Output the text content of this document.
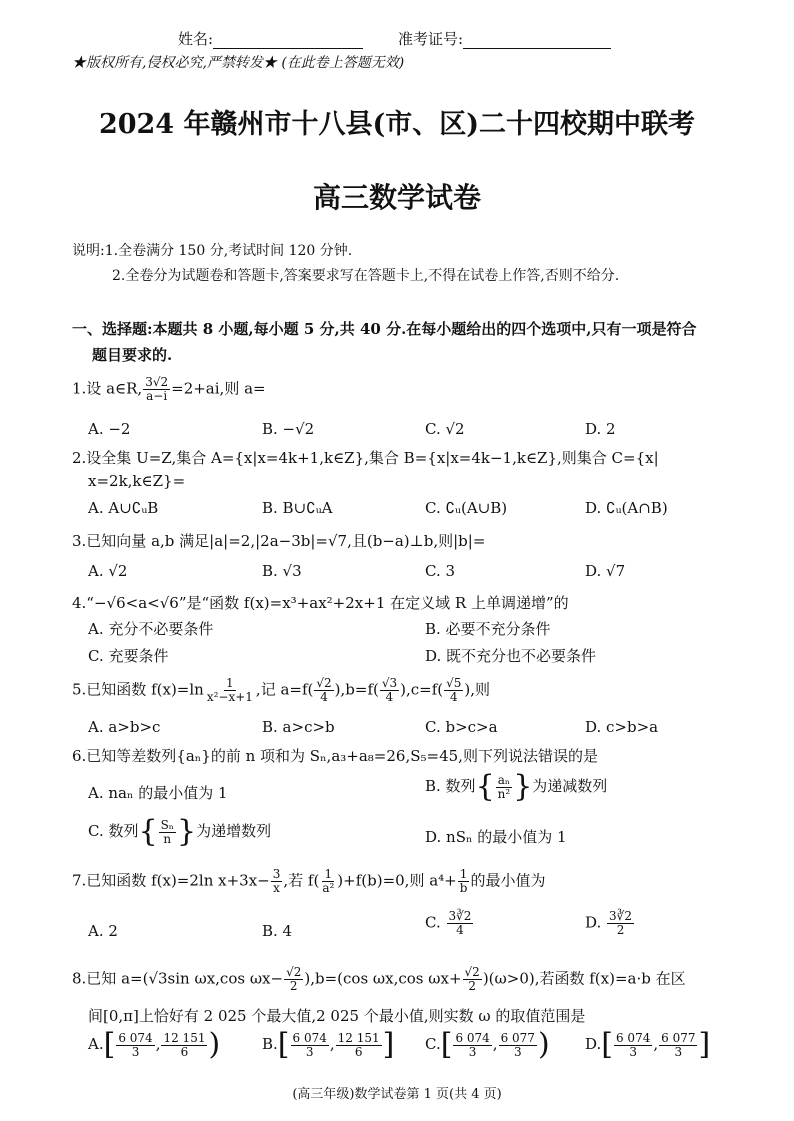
姓名:	准考证号:
★版权所有,侵权必究,严禁转发★ (在此卷上答题无效)
2024 年赣州市十八县(市、区)二十四校期中联考
高三数学试卷
说明:1.全卷满分 150 分,考试时间 120 分钟.
2.全卷分为试题卷和答题卡,答案要求写在答题卡上,不得在试卷上作答,否则不给分.
一、选择题:本题共 8 小题,每小题 5 分,共 40 分.在每小题给出的四个选项中,只有一项是符合
题目要求的.
1.设 a∈R, $\frac{3√2}{a-i} =2+ai$,则 a=
A. −2	B. −√2	C. √2	D. 2
2.设全集 U=Z,集合 A={x|x=4k+1,k∈Z},集合 B={x|x=4k−1,k∈Z},则集合 C={x|
x=2k,k∈Z}=
A. A∪∁ᵤB	B. B∪∁ᵤA	C. ∁ᵤ(A∪B)	D. ∁ᵤ(A∩B)
3.已知向量 a,b 满足|a|=2,|2a−3b|=√7,且(b−a)⊥b,则|b|=
A. √2	B. √3	C. 3	D. √7
4.“−√6<a<√6”是“函数 f(x)=x³+ax²+2x+1 在定义域 R 上单调递增”的
A. 充分不必要条件	B. 必要不充分条件
C. 充要条件	D. 既不充分也不必要条件
5.已知函数 $f(x)=\ln \frac{1}{\text{x²−x+1}}$ ,记 $a=f( \frac{√2}{4} ),b=f( \frac{√3}{4} ),c=f( \frac{√5}{4}$ ),则
A. a>b>c	B. a>c>b	C. b>c>a	D. c>b>a
6.已知等差数列{aₙ}的前 n 项和为 Sₙ,a₃+a₈=26,S₅=45,则下列说法错误的是
A. naₙ 的最小值为 1	B. 数列{ $\frac{\text{aₙ}}{\text{n²}}$ }为递减数列
C. 数列{ $\frac{\text{Sₙ}}{n}$ }为递增数列	D. nSₙ 的最小值为 1
7.已知函数 f(x)=2ln $x+3x- \frac{3}{x}$ ,若 $f( \frac{1}{\text{a²}} )+f(b)=0$,则 $a^4+ \frac{1}{b}$ 的最小值为
A. 2	B. 4	C. $\frac{3∛2}{4}$	D. $\frac{3∛2}{2}$
8.已知 a=(√3sin ωx,cos $\omega x- \frac{√2}{2} ),b=(\cos$ ωx,cos $\omega x+ \frac{√2}{2} )(\omega>0)$,若函数 f(x)=a·b 在区
间[0,π]上恰好有 2 025 个最大值,2 025 个最小值,则实数 ω 的取值范围是
$A.[ \frac{6 074}{3}$ , $\frac{12 151}{6}$ )	$B.[ \frac{6 074}{3}$ , $\frac{12 151}{6}$ ] $C.[ \frac{6 074}{3}$ , $\frac{6 077}{3}$ ) $D.[ \frac{6 074}{3}$ , $\frac{6 077}{3}$ ]
(高三年级)数学试卷第 1 页(共 4 页)
